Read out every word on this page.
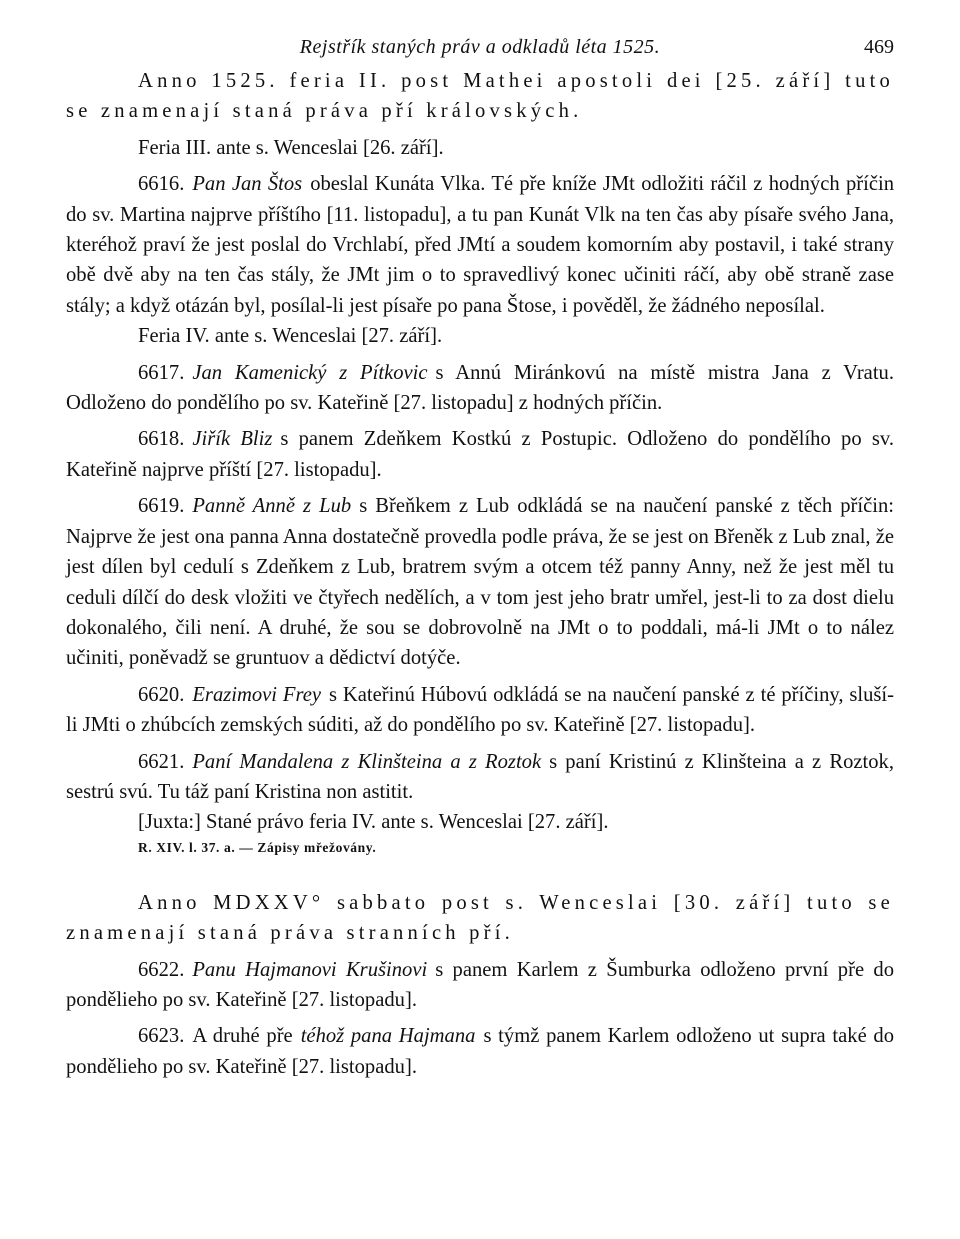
Rejstřík staných práv a odkladů léta 1525.	469

Anno 1525. feria II. post Mathei apostoli dei [25. září] tuto se znamenají staná práva pří královských.

Feria III. ante s. Wenceslai [26. září].

6616. Pan Jan Štos obeslal Kunáta Vlka. Té pře kníže JMt odložiti ráčil z hodných příčin do sv. Martina najprve příštího [11. listopadu], a tu pan Kunát Vlk na ten čas aby písaře svého Jana, kteréhož praví že jest poslal do Vrchlabí, před JMtí a soudem komorním aby postavil, i také strany obě dvě aby na ten čas stály, že JMt jim o to spravedlivý konec učiniti ráčí, aby obě straně zase stály; a když otázán byl, posílal-li jest písaře po pana Štose, i pověděl, že žádného neposílal.

Feria IV. ante s. Wenceslai [27. září].

6617. Jan Kamenický z Pítkovic s Annú Miránkovú na místě mistra Jana z Vratu. Odloženo do pondělího po sv. Kateřině [27. listopadu] z hodných příčin.

6618. Jiřík Bliz s panem Zdeňkem Kostkú z Postupic. Odloženo do pondělího po sv. Kateřině najprve příští [27. listopadu].

6619. Panně Anně z Lub s Břeňkem z Lub odkládá se na naučení panské z těch příčin: Najprve že jest ona panna Anna dostatečně provedla podle práva, že se jest on Břeněk z Lub znal, že jest dílen byl cedulí s Zdeňkem z Lub, bratrem svým a otcem též panny Anny, než že jest měl tu ceduli dílčí do desk vložiti ve čtyřech nedělích, a v tom jest jeho bratr umřel, jest-li to za dost dielu dokonalého, čili není. A druhé, že sou se dobrovolně na JMt o to poddali, má-li JMt o to nález učiniti, poněvadž se gruntuov a dědictví dotýče.

6620. Erazimovi Frey s Kateřinú Húbovú odkládá se na naučení panské z té příčiny, sluší-li JMti o zhúbcích zemských súditi, až do pondělího po sv. Kateřině [27. listopadu].

6621. Paní Mandalena z Klinšteina a z Roztok s paní Kristinú z Klinšteina a z Roztok, sestrú svú. Tu táž paní Kristina non astitit.

[Juxta:] Stané právo feria IV. ante s. Wenceslai [27. září].

R. XIV. l. 37. a. — Zápisy mřežovány.

Anno MDXXV° sabbato post s. Wenceslai [30. září] tuto se znamenají staná práva stranních pří.

6622. Panu Hajmanovi Krušinovi s panem Karlem z Šumburka odloženo první pře do pondělieho po sv. Kateřině [27. listopadu].

6623. A druhé pře téhož pana Hajmana s týmž panem Karlem odloženo ut supra také do pondělieho po sv. Kateřině [27. listopadu].
